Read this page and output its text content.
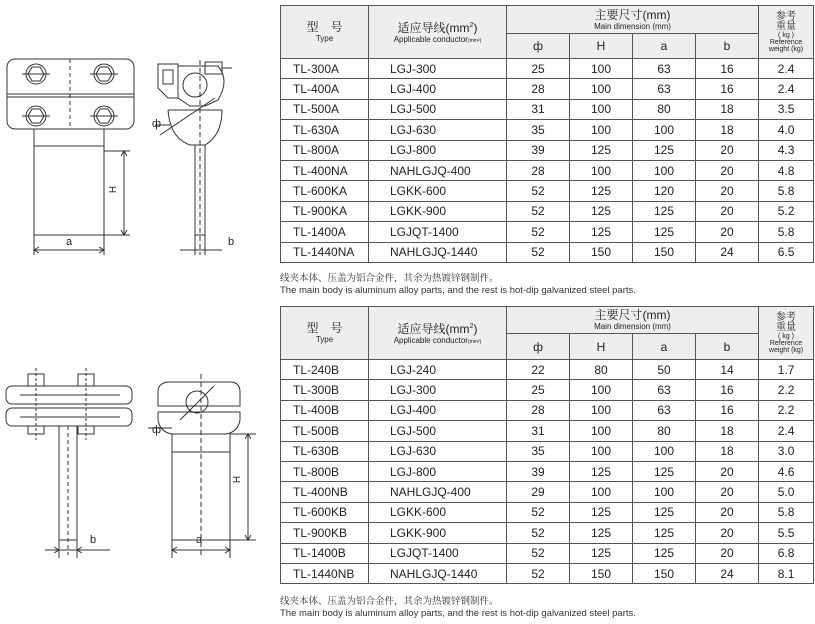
ф
H
a	b
ф
H
a
b
型　号
Type	适应导线$(mm^2)$
Applicable conductor(mm²)	主要尺寸(mm)
Main dimension (mm)				参考
重量
( kg )
Reference
weight (kg)

		ф	H	a	b	
TL-300A	LGJ-300	25	100	63	16	2.4
TL-400A	LGJ-400	28	100	63	16	2.4
TL-500A	LGJ-500	31	100	80	18	3.5
TL-630A	LGJ-630	35	100	100	18	4.0
TL-800A	LGJ-800	39	125	125	20	4.3
TL-400NA	NAHLGJQ-400	28	100	100	20	4.8
TL-600KA	LGKK-600	52	125	120	20	5.8
TL-900KA	LGKK-900	52	125	125	20	5.2
TL-1400A	LGJQT-1400	52	125	125	20	5.8
TL-1440NA	NAHLGJQ-1440	52	150	150	24	6.5
线夹本体、压盖为铝合金件，其余为热镀锌钢制件。
The main body is aluminum alloy parts, and the rest is hot-dip galvanized steel parts.
型　号
Type	适应导线$(mm^2)$
Applicable conductor(mm²)	主要尺寸(mm)
Main dimension (mm)				参考
重量
( kg )
Reference
weight (kg)

		ф	H	a	b	
TL-240B	LGJ-240	22	80	50	14	1.7
TL-300B	LGJ-300	25	100	63	16	2.2
TL-400B	LGJ-400	28	100	63	16	2.2
TL-500B	LGJ-500	31	100	80	18	2.4
TL-630B	LGJ-630	35	100	100	18	3.0
TL-800B	LGJ-800	39	125	125	20	4.6
TL-400NB	NAHLGJQ-400	29	100	100	20	5.0
TL-600KB	LGKK-600	52	125	125	20	5.8
TL-900KB	LGKK-900	52	125	125	20	5.5
TL-1400B	LGJQT-1400	52	125	125	20	6.8
TL-1440NB	NAHLGJQ-1440	52	150	150	24	8.1
线夹本体、压盖为铝合金件，其余为热镀锌钢制件。
The main body is aluminum alloy parts, and the rest is hot-dip galvanized steel parts.
